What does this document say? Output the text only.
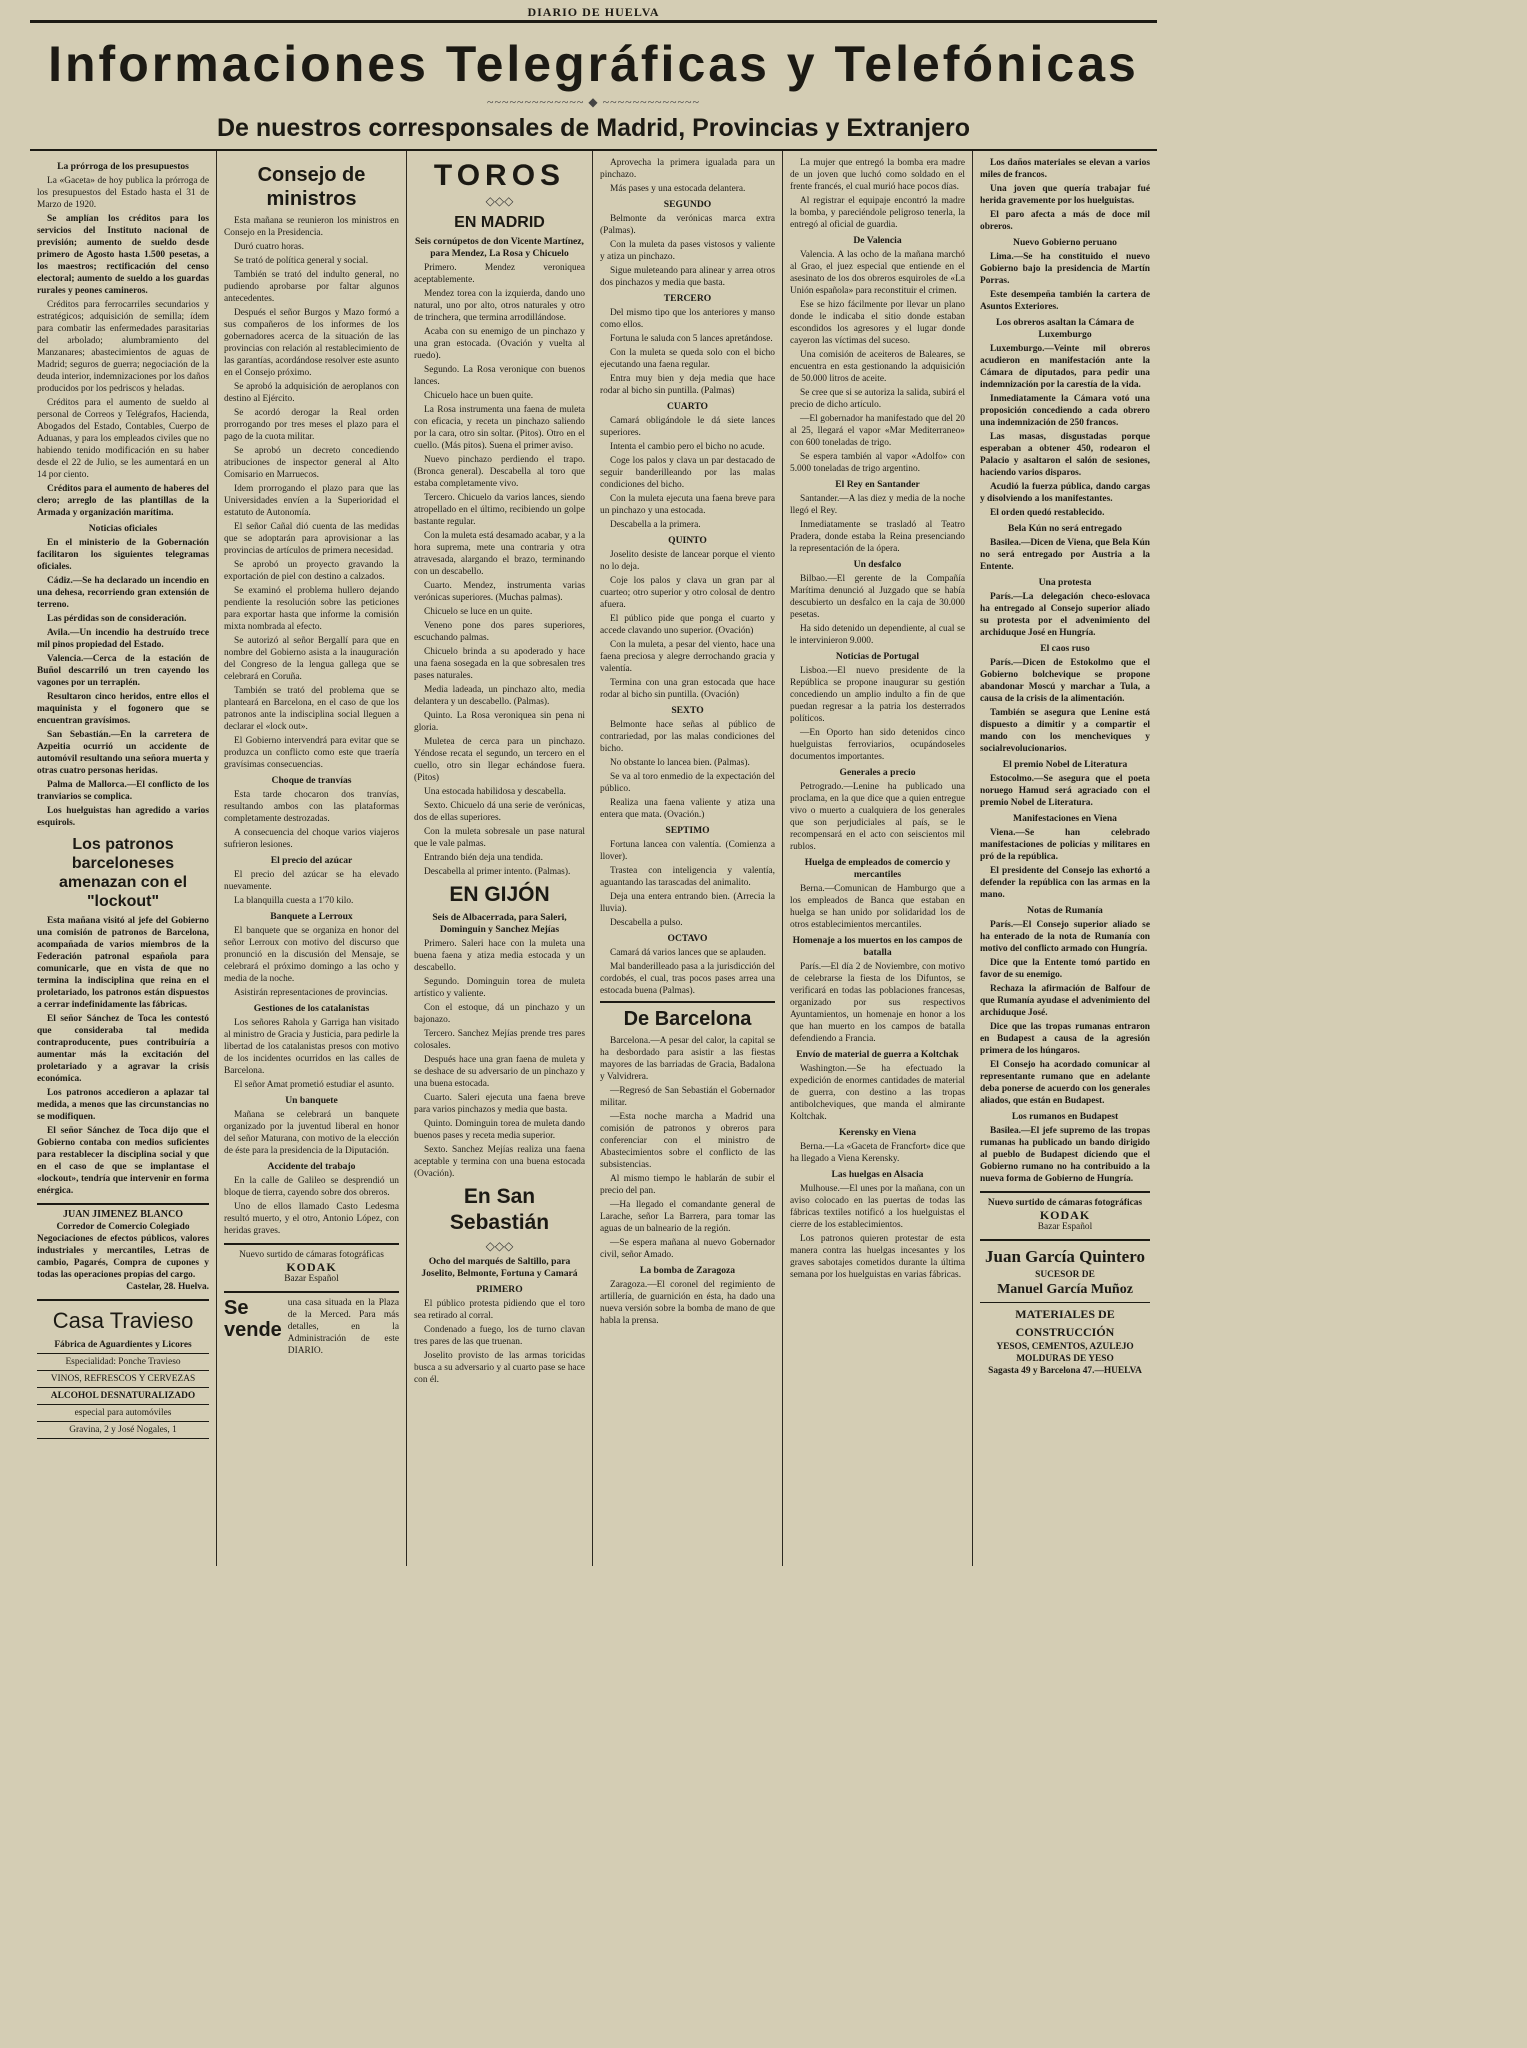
DIARIO DE HUELVA
Informaciones Telegráficas y Telefónicas
~~~~~~~~~~~~~ ◆ ~~~~~~~~~~~~~
De nuestros corresponsales de Madrid, Provincias y Extranjero
La prórroga de los presupuestos

La «Gaceta» de hoy publica la prórroga de los presupuestos del Estado hasta el 31 de Marzo de 1920.

Se amplían los créditos para los servicios del Instituto nacional de previsión; aumento de sueldo desde primero de Agosto hasta 1.500 pesetas, a los maestros; rectificación del censo electoral; aumento de sueldo a los guardas rurales y peones camineros.

Créditos para ferrocarriles secundarios y estratégicos; adquisición de semilla; ídem para combatir las enfermedades parasitarias del arbolado; alumbramiento del Manzanares; abastecimientos de aguas de Madrid; seguros de guerra; negociación de la deuda interior, indemnizaciones por los daños producidos por los pedriscos y heladas.

Créditos para el aumento de sueldo al personal de Correos y Telégrafos, Hacienda, Abogados del Estado, Contables, Cuerpo de Aduanas, y para los empleados civiles que no habiendo tenido modificación en su haber desde el 22 de Julio, se les aumentará en un 14 por ciento.

Créditos para el aumento de haberes del clero; arreglo de las plantillas de la Armada y organización marítima.

Noticias oficiales

En el ministerio de la Gobernación facilitaron los siguientes telegramas oficiales.

Cádiz.—Se ha declarado un incendio en una dehesa, recorriendo gran extensión de terreno.

Las pérdidas son de consideración.

Avila.—Un incendio ha destruído trece mil pinos propiedad del Estado.

Valencia.—Cerca de la estación de Buñol descarriló un tren cayendo los vagones por un terraplén.

Resultaron cinco heridos, entre ellos el maquinista y el fogonero que se encuentran gravísimos.

San Sebastián.—En la carretera de Azpeitia ocurrió un accidente de automóvil resultando una señora muerta y otras cuatro personas heridas.

Palma de Mallorca.—El conflicto de los tranviarios se complica.

Los huelguistas han agredido a varios esquirols.

Los patronos barceloneses amenazan con el "lockout"

Esta mañana visitó al jefe del Gobierno una comisión de patronos de Barcelona, acompañada de varios miembros de la Federación patronal española para comunicarle, que en vista de que no termina la indisciplina que reina en el proletariado, los patronos están dispuestos a cerrar indefinidamente las fábricas.

El señor Sánchez de Toca les contestó que consideraba tal medida contraproducente, pues contribuiría a aumentar más la excitación del proletariado y a agravar la crisis económica.

Los patronos accedieron a aplazar tal medida, a menos que las circunstancias no se modifiquen.

El señor Sánchez de Toca dijo que el Gobierno contaba con medios suficientes para restablecer la disciplina social y que en el caso de que se implantase el «lockout», tendría que intervenir en forma enérgica.

JUAN JIMENEZ BLANCO
Corredor de Comercio Colegiado
Negociaciones de efectos públicos, valores industriales y mercantiles, Letras de cambio, Pagarés, Compra de cupones y todas las operaciones propias del cargo.
Castelar, 28. Huelva.
Casa Travieso
Fábrica de Aguardientes y Licores
Especialidad: Ponche Travieso
VINOS, REFRESCOS Y CERVEZAS
ALCOHOL DESNATURALIZADO
especial para automóviles
Gravina, 2 y José Nogales, 1
Consejo de ministros

Esta mañana se reunieron los ministros en Consejo en la Presidencia.

Duró cuatro horas.

Se trató de política general y social.

También se trató del indulto general, no pudiendo aprobarse por faltar algunos antecedentes.

Después el señor Burgos y Mazo formó a sus compañeros de los informes de los gobernadores acerca de la situación de las provincias con relación al restablecimiento de las garantías, acordándose resolver este asunto en el Consejo próximo.

Se aprobó la adquisición de aeroplanos con destino al Ejército.

Se acordó derogar la Real orden prorrogando por tres meses el plazo para el pago de la cuota militar.

Se aprobó un decreto concediendo atribuciones de inspector general al Alto Comisario en Marruecos.

Idem prorrogando el plazo para que las Universidades envíen a la Superioridad el estatuto de Autonomía.

El señor Cañal dió cuenta de las medidas que se adoptarán para aprovisionar a las provincias de artículos de primera necesidad.

Se aprobó un proyecto gravando la exportación de piel con destino a calzados.

Se examinó el problema hullero dejando pendiente la resolución sobre las peticiones para exportar hasta que informe la comisión mixta nombrada al efecto.

Se autorizó al señor Bergallí para que en nombre del Gobierno asista a la inauguración del Congreso de la lengua gallega que se celebrará en Coruña.

También se trató del problema que se planteará en Barcelona, en el caso de que los patronos ante la indisciplina social lleguen a declarar el «lock out».

El Gobierno intervendrá para evitar que se produzca un conflicto como este que traería gravísimas consecuencias.

Choque de tranvías

Esta tarde chocaron dos tranvías, resultando ambos con las plataformas completamente destrozadas.

A consecuencia del choque varios viajeros sufrieron lesiones.

El precio del azúcar

El precio del azúcar se ha elevado nuevamente.

La blanquilla cuesta a 1'70 kilo.

Banquete a Lerroux

El banquete que se organiza en honor del señor Lerroux con motivo del discurso que pronunció en la discusión del Mensaje, se celebrará el próximo domingo a las ocho y media de la noche.

Asistirán representaciones de provincias.

Gestiones de los catalanistas

Los señores Rahola y Garriga han visitado al ministro de Gracia y Justicia, para pedirle la libertad de los catalanistas presos con motivo de los incidentes ocurridos en las calles de Barcelona.

El señor Amat prometió estudiar el asunto.

Un banquete

Mañana se celebrará un banquete organizado por la juventud liberal en honor del señor Maturana, con motivo de la elección de éste para la presidencia de la Diputación.

Accidente del trabajo

En la calle de Galileo se desprendió un bloque de tierra, cayendo sobre dos obreros.

Uno de ellos llamado Casto Ledesma resultó muerto, y el otro, Antonio López, con heridas graves.

Nuevo surtido de cámaras fotográficas
KODAK
Bazar Español
Se vende
una casa situada en la Plaza de la Merced. Para más detalles, en la Administración de este DIARIO.
TOROS
◇◇◇
EN MADRID
Seis cornúpetos de don Vicente Martínez, para Mendez, La Rosa y Chicuelo

Primero. Mendez veroniquea aceptablemente.

Mendez torea con la izquierda, dando uno natural, uno por alto, otros naturales y otro de trinchera, que termina arrodillándose.

Acaba con su enemigo de un pinchazo y una gran estocada. (Ovación y vuelta al ruedo).

Segundo. La Rosa veronique con buenos lances.

Chicuelo hace un buen quite.

La Rosa instrumenta una faena de muleta con eficacia, y receta un pinchazo saliendo por la cara, otro sin soltar. (Pitos). Otro en el cuello. (Más pitos). Suena el primer aviso.

Nuevo pinchazo perdiendo el trapo. (Bronca general). Descabella al toro que estaba completamente vivo.

Tercero. Chicuelo da varios lances, siendo atropellado en el último, recibiendo un golpe bastante regular.

Con la muleta está desamado acabar, y a la hora suprema, mete una contraria y otra atravesada, alargando el brazo, terminando con un descabello.

Cuarto. Mendez, instrumenta varias verónicas superiores. (Muchas palmas).

Chicuelo se luce en un quite.

Veneno pone dos pares superiores, escuchando palmas.

Chicuelo brinda a su apoderado y hace una faena sosegada en la que sobresalen tres pases naturales.

Media ladeada, un pinchazo alto, media delantera y un descabello. (Palmas).

Quinto. La Rosa veroniquea sin pena ni gloria.

Muletea de cerca para un pinchazo. Yéndose recata el segundo, un tercero en el cuello, otro sin llegar echándose fuera. (Pitos)

Una estocada habilidosa y descabella.

Sexto. Chicuelo dá una serie de verónicas, dos de ellas superiores.

Con la muleta sobresale un pase natural que le vale palmas.

Entrando bién deja una tendida.

Descabella al primer intento. (Palmas).

EN GIJÓN
Seis de Albacerrada, para Saleri, Dominguin y Sanchez Mejías

Primero. Saleri hace con la muleta una buena faena y atiza media estocada y un descabello.

Segundo. Dominguin torea de muleta artístico y valiente.

Con el estoque, dá un pinchazo y un bajonazo.

Tercero. Sanchez Mejías prende tres pares colosales.

Después hace una gran faena de muleta y se deshace de su adversario de un pinchazo y una buena estocada.

Cuarto. Saleri ejecuta una faena breve para varios pinchazos y media que basta.

Quinto. Dominguin torea de muleta dando buenos pases y receta media superior.

Sexto. Sanchez Mejías realiza una faena aceptable y termina con una buena estocada (Ovación).

En San Sebastián
◇◇◇
Ocho del marqués de Saltillo, para Joselito, Belmonte, Fortuna y Camará
PRIMERO

El público protesta pidiendo que el toro sea retirado al corral.

Condenado a fuego, los de turno clavan tres pares de las que truenan.

Joselito provisto de las armas toricidas busca a su adversario y al cuarto pase se hace con él.

Aprovecha la primera igualada para un pinchazo.

Más pases y una estocada delantera.

SEGUNDO

Belmonte da verónicas marca extra (Palmas).

Con la muleta da pases vistosos y valiente y atiza un pinchazo.

Sigue muleteando para alinear y arrea otros dos pinchazos y media que basta.

TERCERO

Del mismo tipo que los anteriores y manso como ellos.

Fortuna le saluda con 5 lances apretándose.

Con la muleta se queda solo con el bicho ejecutando una faena regular.

Entra muy bien y deja media que hace rodar al bicho sin puntilla. (Palmas)

CUARTO

Camará obligándole le dá siete lances superiores.

Intenta el cambio pero el bicho no acude.

Coge los palos y clava un par destacado de seguir banderilleando por las malas condiciones del bicho.

Con la muleta ejecuta una faena breve para un pinchazo y una estocada.

Descabella a la primera.

QUINTO

Joselito desiste de lancear porque el viento no lo deja.

Coje los palos y clava un gran par al cuarteo; otro superior y otro colosal de dentro afuera.

El público pide que ponga el cuarto y accede clavando uno superior. (Ovación)

Con la muleta, a pesar del viento, hace una faena preciosa y alegre derrochando gracia y valentía.

Termina con una gran estocada que hace rodar al bicho sin puntilla. (Ovación)

SEXTO

Belmonte hace señas al público de contrariedad, por las malas condiciones del bicho.

No obstante lo lancea bien. (Palmas).

Se va al toro enmedio de la expectación del público.

Realiza una faena valiente y atiza una entera que mata. (Ovación.)

SEPTIMO

Fortuna lancea con valentía. (Comienza a llover).

Trastea con inteligencia y valentía, aguantando las tarascadas del animalito.

Deja una entera entrando bien. (Arrecia la lluvia).

Descabella a pulso.

OCTAVO

Camará dá varios lances que se aplauden.

Mal banderilleado pasa a la jurisdicción del cordobés, el cual, tras pocos pases arrea una estocada buena (Palmas).

De Barcelona

Barcelona.—A pesar del calor, la capital se ha desbordado para asistir a las fiestas mayores de las barriadas de Gracia, Badalona y Valvidrera.

—Regresó de San Sebastián el Gobernador militar.

—Esta noche marcha a Madrid una comisión de patronos y obreros para conferenciar con el ministro de Abastecimientos sobre el conflicto de las subsistencias.

Al mismo tiempo le hablarán de subir el precio del pan.

—Ha llegado el comandante general de Larache, señor La Barrera, para tomar las aguas de un balneario de la región.

—Se espera mañana al nuevo Gobernador civil, señor Amado.

La bomba de Zaragoza

Zaragoza.—El coronel del regimiento de artillería, de guarnición en ésta, ha dado una nueva versión sobre la bomba de mano de que habla la prensa.

La mujer que entregó la bomba era madre de un joven que luchó como soldado en el frente francés, el cual murió hace pocos días.

Al registrar el equipaje encontró la madre la bomba, y pareciéndole peligroso tenerla, la entregó al oficial de guardia.

De Valencia

Valencia. A las ocho de la mañana marchó al Grao, el juez especial que entiende en el asesinato de los dos obreros esquiroles de «La Unión española» para reconstituir el crimen.

Ese se hizo fácilmente por llevar un plano donde le indicaba el sitio donde estaban escondidos los agresores y el lugar donde cayeron las víctimas del suceso.

Una comisión de aceiteros de Baleares, se encuentra en esta gestionando la adquisición de 50.000 litros de aceite.

Se cree que si se autoriza la salida, subirá el precio de dicho artículo.

—El gobernador ha manifestado que del 20 al 25, llegará el vapor «Mar Mediterraneo» con 600 toneladas de trigo.

Se espera también al vapor «Adolfo» con 5.000 toneladas de trigo argentino.

El Rey en Santander

Santander.—A las diez y media de la noche llegó el Rey.

Inmediatamente se trasladó al Teatro Pradera, donde estaba la Reina presenciando la representación de la ópera.

Un desfalco

Bilbao.—El gerente de la Compañía Marítima denunció al Juzgado que se había descubierto un desfalco en la caja de 30.000 pesetas.

Ha sido detenido un dependiente, al cual se le intervinieron 9.000.

Noticias de Portugal

Lisboa.—El nuevo presidente de la República se propone inaugurar su gestión concediendo un amplio indulto a fin de que puedan regresar a la patria los desterrados políticos.

—En Oporto han sido detenidos cinco huelguistas ferroviarios, ocupándoseles documentos importantes.

Generales a precio

Petrogrado.—Lenine ha publicado una proclama, en la que dice que a quien entregue vivo o muerto a cualquiera de los generales que son perjudiciales al país, se le recompensará en el acto con seiscientos mil rublos.

Huelga de empleados de comercio y mercantiles

Berna.—Comunican de Hamburgo que a los empleados de Banca que estaban en huelga se han unido por solidaridad los de otros establecimientos mercantiles.

Homenaje a los muertos en los campos de batalla

París.—El día 2 de Noviembre, con motivo de celebrarse la fiesta de los Difuntos, se verificará en todas las poblaciones francesas, organizado por sus respectivos Ayuntamientos, un homenaje en honor a los que han muerto en los campos de batalla defendiendo a Francia.

Envío de material de guerra a Koltchak

Washington.—Se ha efectuado la expedición de enormes cantidades de material de guerra, con destino a las tropas antibolcheviques, que manda el almirante Koltchak.

Kerensky en Viena

Berna.—La «Gaceta de Francfort» dice que ha llegado a Viena Kerensky.

Las huelgas en Alsacia

Mulhouse.—El unes por la mañana, con un aviso colocado en las puertas de todas las fábricas textiles notificó a los huelguistas el cierre de los establecimientos.

Los patronos quieren protestar de esta manera contra las huelgas incesantes y los graves sabotajes cometidos durante la última semana por los huelguistas en varias fábricas.

Los daños materiales se elevan a varios miles de francos.

Una joven que quería trabajar fué herida gravemente por los huelguistas.

El paro afecta a más de doce mil obreros.

Nuevo Gobierno peruano

Lima.—Se ha constituido el nuevo Gobierno bajo la presidencia de Martín Porras.

Este desempeña también la cartera de Asuntos Exteriores.

Los obreros asaltan la Cámara de Luxemburgo

Luxemburgo.—Veinte mil obreros acudieron en manifestación ante la Cámara de diputados, para pedir una indemnización por la carestía de la vida.

Inmediatamente la Cámara votó una proposición concediendo a cada obrero una indemnización de 250 francos.

Las masas, disgustadas porque esperaban a obtener 450, rodearon el Palacio y asaltaron el salón de sesiones, haciendo varios disparos.

Acudió la fuerza pública, dando cargas y disolviendo a los manifestantes.

El orden quedó restablecido.

Bela Kún no será entregado

Basilea.—Dicen de Viena, que Bela Kún no será entregado por Austria a la Entente.

Una protesta

París.—La delegación checo-eslovaca ha entregado al Consejo superior aliado su protesta por el advenimiento del archiduque José en Hungría.

El caos ruso

París.—Dicen de Estokolmo que el Gobierno bolchevique se propone abandonar Moscú y marchar a Tula, a causa de la crisis de la alimentación.

También se asegura que Lenine está dispuesto a dimitir y a compartir el mando con los mencheviques y socialrevolucionarios.

El premio Nobel de Literatura

Estocolmo.—Se asegura que el poeta noruego Hamud será agraciado con el premio Nobel de Literatura.

Manifestaciones en Viena

Viena.—Se han celebrado manifestaciones de policías y militares en pró de la república.

El presidente del Consejo las exhortó a defender la república con las armas en la mano.

Notas de Rumanía

París.—El Consejo superior aliado se ha enterado de la nota de Rumanía con motivo del conflicto armado con Hungría.

Dice que la Entente tomó partido en favor de su enemigo.

Rechaza la afirmación de Balfour de que Rumanía ayudase el advenimiento del archiduque José.

Dice que las tropas rumanas entraron en Budapest a causa de la agresión primera de los húngaros.

El Consejo ha acordado comunicar al representante rumano que en adelante deba ponerse de acuerdo con los generales aliados, que están en Budapest.

Los rumanos en Budapest

Basilea.—El jefe supremo de las tropas rumanas ha publicado un bando dirigido al pueblo de Budapest diciendo que el Gobierno rumano no ha contribuido a la nueva forma de Gobierno de Hungría.

Nuevo surtido de cámaras fotográficas
KODAK
Bazar Español
Juan García Quintero
SUCESOR DE
Manuel García Muñoz
MATERIALES DE CONSTRUCCIÓN
YESOS, CEMENTOS, AZULEJO
MOLDURAS DE YESO
Sagasta 49 y Barcelona 47.—HUELVA
